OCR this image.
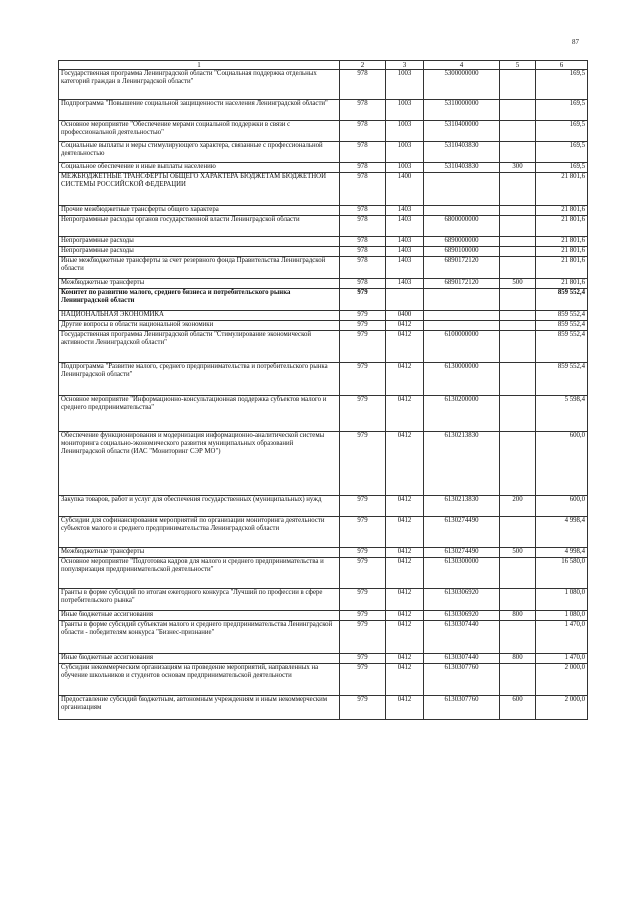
87
1	2	3	4	5	6
Государственная программа Ленинградской области "Социальная поддержка отдельных категорий граждан в Ленинградской области"	978	1003	5300000000		169,5
Подпрограмма "Повышение социальной защищенности населения Ленинградской области"	978	1003	5310000000		169,5
Основное мероприятие "Обеспечение мерами социальной поддержки в связи с профессиональной деятельностью"	978	1003	5310400000		169,5
Социальные выплаты и меры стимулирующего характера, связанные с профессиональной деятельностью	978	1003	5310403830		169,5
Социальное обеспечение и иные выплаты населению	978	1003	5310403830	300	169,5
МЕЖБЮДЖЕТНЫЕ ТРАНСФЕРТЫ ОБЩЕГО ХАРАКТЕРА БЮДЖЕТАМ БЮДЖЕТНОЙ СИСТЕМЫ РОССИЙСКОЙ ФЕДЕРАЦИИ	978	1400			21 801,6
Прочие межбюджетные трансферты общего характера	978	1403			21 801,6
Непрограммные расходы органов государственной власти Ленинградской области	978	1403	6800000000		21 801,6
Непрограммные расходы	978	1403	6890000000		21 801,6
Непрограммные расходы	978	1403	6890100000		21 801,6
Иные межбюджетные трансферты за счет резервного фонда Правительства Ленинградской области	978	1403	6890172120		21 801,6
Межбюджетные трансферты	978	1403	6890172120	500	21 801,6
Комитет по развитию малого, среднего бизнеса и потребительского рынка Ленинградской области	979				859 552,4
НАЦИОНАЛЬНАЯ ЭКОНОМИКА	979	0400			859 552,4
Другие вопросы в области национальной экономики	979	0412			859 552,4
Государственная программа Ленинградской области "Стимулирование экономической активности Ленинградской области"	979	0412	6100000000		859 552,4
Подпрограмма "Развитие малого, среднего предпринимательства и потребительского рынка Ленинградской области"	979	0412	6130000000		859 552,4
Основное мероприятие "Информационно-консультационная поддержка субъектов малого и среднего предпринимательства"	979	0412	6130200000		5 598,4
Обеспечение функционирования и модернизация информационно-аналитической системы мониторинга социально-экономического развития муниципальных образований Ленинградской области (ИАС "Мониторинг СЭР МО")	979	0412	6130213830		600,0
Закупка товаров, работ и услуг для обеспечения государственных (муниципальных) нужд	979	0412	6130213830	200	600,0
Субсидии для софинансирования мероприятий по организации мониторинга деятельности субъектов малого и среднего предпринимательства Ленинградской области	979	0412	6130274490		4 998,4
Межбюджетные трансферты	979	0412	6130274490	500	4 998,4
Основное мероприятие "Подготовка кадров для малого и среднего предпринимательства и популяризация предпринимательской деятельности"	979	0412	6130300000		16 580,0
Гранты в форме субсидий по итогам ежегодного конкурса "Лучший по профессии в сфере потребительского рынка"	979	0412	6130306920		1 080,0
Иные бюджетные ассигнования	979	0412	6130306920	800	1 080,0
Гранты в форме субсидий субъектам малого и среднего предпринимательства Ленинградской области - победителям конкурса "Бизнес-признание"	979	0412	6130307440		1 470,0
Иные бюджетные ассигнования	979	0412	6130307440	800	1 470,0
Субсидии некоммерческим организациям на проведение мероприятий, направленных на обучение школьников и студентов основам предпринимательской деятельности	979	0412	6130307760		2 000,0
Предоставление субсидий бюджетным, автономным учреждениям и иным некоммерческим организациям	979	0412	6130307760	600	2 000,0
